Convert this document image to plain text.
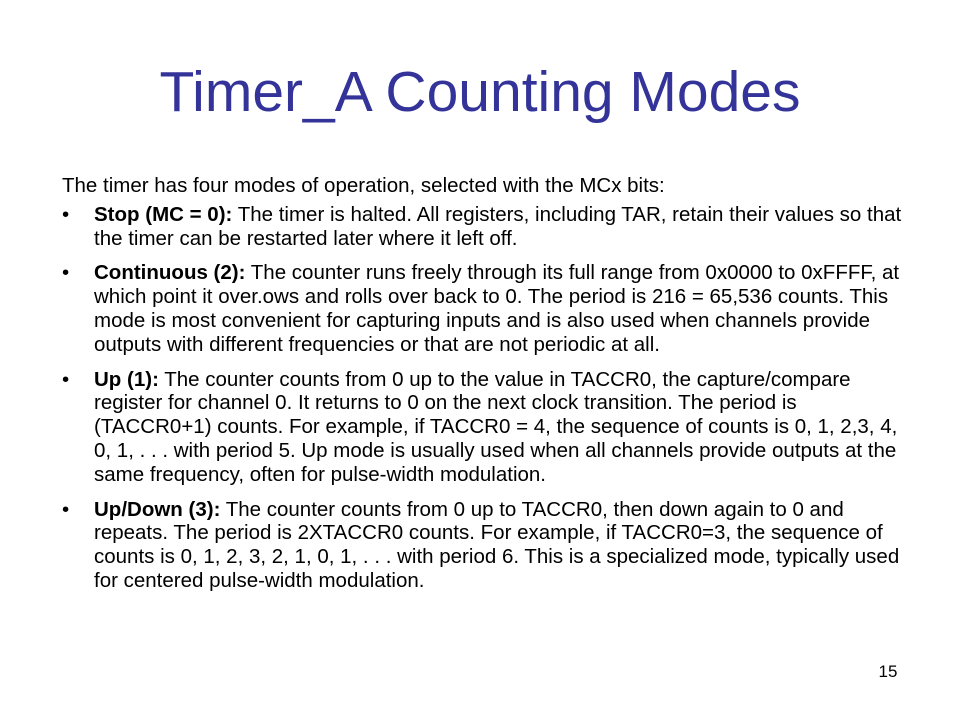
Timer_A Counting Modes

The timer has four modes of operation, selected with the MCx bits:

• Stop (MC = 0): The timer is halted. All registers, including TAR, retain their values so that the timer can be restarted later where it left off.
• Continuous (2): The counter runs freely through its full range from 0x0000 to 0xFFFF, at which point it over.ows and rolls over back to 0. The period is 216 = 65,536 counts. This mode is most convenient for capturing inputs and is also used when channels provide outputs with different frequencies or that are not periodic at all.
• Up (1): The counter counts from 0 up to the value in TACCR0, the capture/compare register for channel 0. It returns to 0 on the next clock transition. The period is (TACCR0+1) counts. For example, if TACCR0 = 4, the sequence of counts is 0, 1, 2,3, 4, 0, 1, . . . with period 5. Up mode is usually used when all channels provide outputs at the same frequency, often for pulse-width modulation.
• Up/Down (3): The counter counts from 0 up to TACCR0, then down again to 0 and repeats. The period is 2XTACCR0 counts. For example, if TACCR0=3, the sequence of counts is 0, 1, 2, 3, 2, 1, 0, 1, . . . with period 6. This is a specialized mode, typically used for centered pulse-width modulation.
15
